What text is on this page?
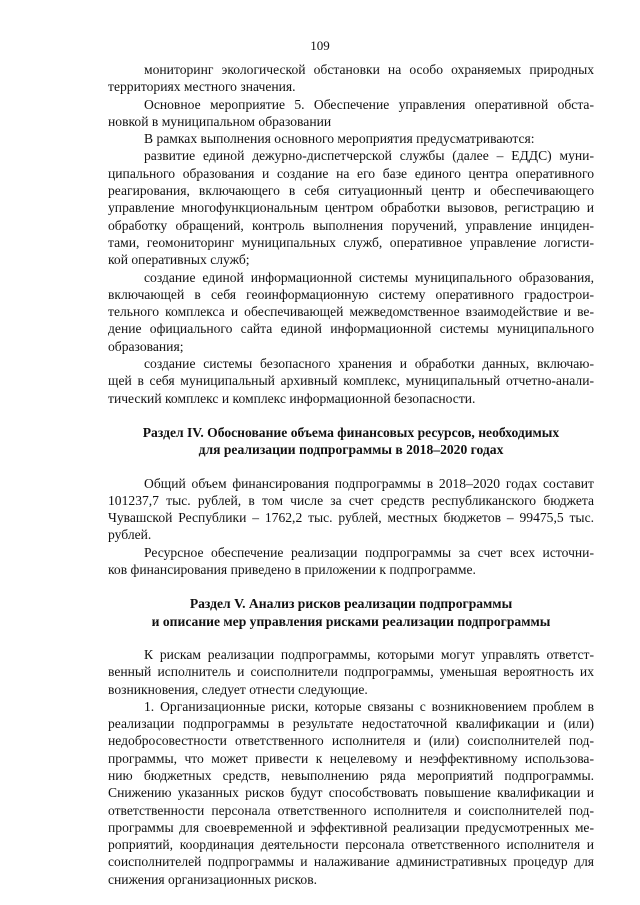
109

мониторинг экологической обстановки на особо охраняемых природных
территориях местного значения.

Основное мероприятие 5. Обеспечение управления оперативной обста-
новкой в муниципальном образовании

В рамках выполнения основного мероприятия предусматриваются:

развитие единой дежурно-диспетчерской службы (далее – ЕДДС) муни-
ципального образования и создание на его базе единого центра оперативного
реагирования, включающего в себя ситуационный центр и обеспечивающего
управление многофункциональным центром обработки вызовов, регистрацию и
обработку обращений, контроль выполнения поручений, управление инциден-
тами, геомониторинг муниципальных служб, оперативное управление логисти-
кой оперативных служб;

создание единой информационной системы муниципального образования,
включающей в себя геоинформационную систему оперативного градострои-
тельного комплекса и обеспечивающей межведомственное взаимодействие и ве-
дение официального сайта единой информационной системы муниципального
образования;

создание системы безопасного хранения и обработки данных, включаю-
щей в себя муниципальный архивный комплекс, муниципальный отчетно-анали-
тический комплекс и комплекс информационной безопасности.

Раздел IV. Обоснование объема финансовых ресурсов, необходимых
для реализации подпрограммы в 2018–2020 годах

Общий объем финансирования подпрограммы в 2018–2020 годах составит
101237,7 тыс. рублей, в том числе за счет средств республиканского бюджета
Чувашской Республики – 1762,2 тыс. рублей, местных бюджетов – 99475,5 тыс.
рублей.

Ресурсное обеспечение реализации подпрограммы за счет всех источни-
ков финансирования приведено в приложении к подпрограмме.

Раздел V. Анализ рисков реализации подпрограммы
и описание мер управления рисками реализации подпрограммы

К рискам реализации подпрограммы, которыми могут управлять ответст-
венный исполнитель и соисполнители подпрограммы, уменьшая вероятность их
возникновения, следует отнести следующие.

1. Организационные риски, которые связаны с возникновением проблем в
реализации подпрограммы в результате недостаточной квалификации и (или)
недобросовестности ответственного исполнителя и (или) соисполнителей под-
программы, что может привести к нецелевому и неэффективному использова-
нию бюджетных средств, невыполнению ряда мероприятий подпрограммы.
Снижению указанных рисков будут способствовать повышение квалификации и
ответственности персонала ответственного исполнителя и соисполнителей под-
программы для своевременной и эффективной реализации предусмотренных ме-
роприятий, координация деятельности персонала ответственного исполнителя и
соисполнителей подпрограммы и налаживание административных процедур для
снижения организационных рисков.
